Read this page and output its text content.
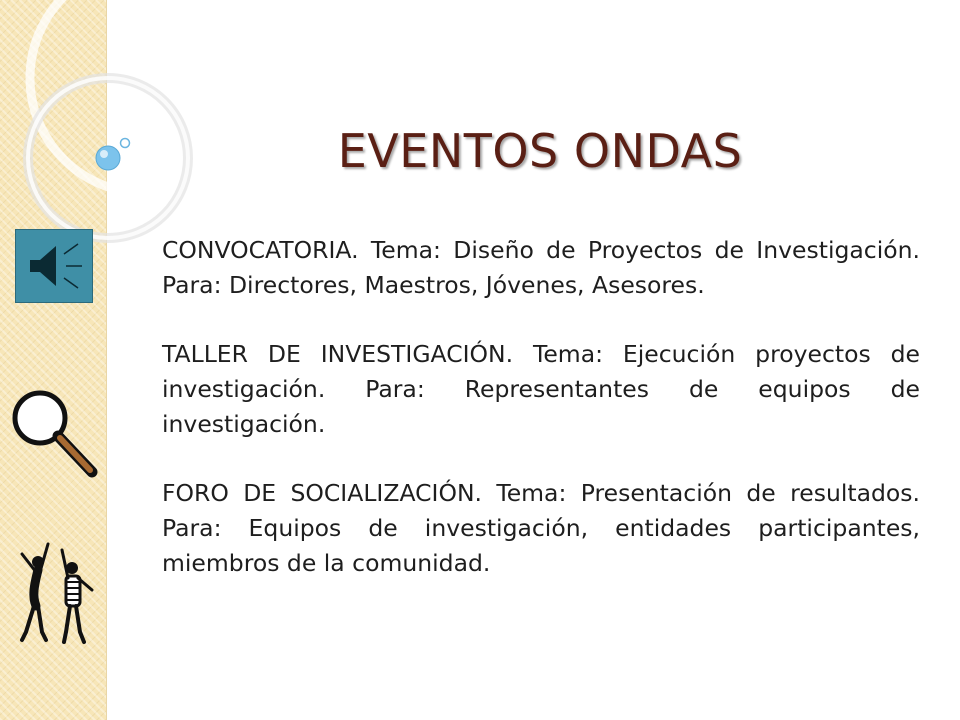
EVENTOS ONDAS

CONVOCATORIA. Tema: Diseño de Proyectos de Investigación. Para: Directores, Maestros, Jóvenes, Asesores.

TALLER DE INVESTIGACIÓN. Tema: Ejecución proyectos de investigación. Para: Representantes de equipos de investigación.

FORO DE SOCIALIZACIÓN. Tema: Presentación de resultados. Para: Equipos de investigación, entidades participantes, miembros de la comunidad.
